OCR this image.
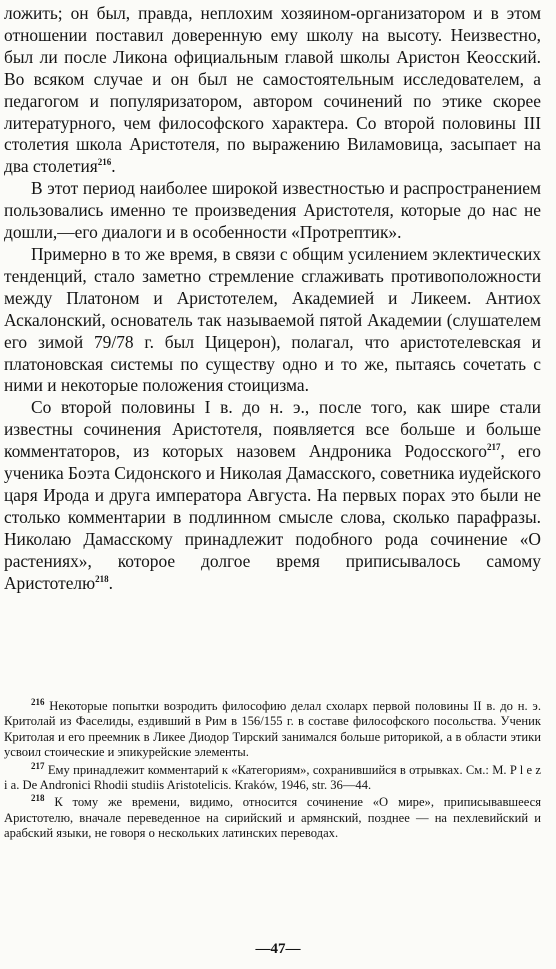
ложить; он был, правда, неплохим хозяином-организатором и в этом отношении поставил доверенную ему школу на высоту. Неизвестно, был ли после Ликона официальным главой школы Аристон Кеосский. Во всяком случае и он был не самостоятельным исследователем, а педагогом и популяризатором, автором сочинений по этике скорее литературного, чем философского характера. Со второй половины III столетия школа Аристотеля, по выражению Виламовица, засыпает на два столетия$^{216}$.

В этот период наиболее широкой известностью и распространением пользовались именно те произведения Аристотеля, которые до нас не дошли,—его диалоги и в особенности «Протрептик».

Примерно в то же время, в связи с общим усилением эклектических тенденций, стало заметно стремление сглаживать противоположности между Платоном и Аристотелем, Академией и Ликеем. Антиох Аскалонский, основатель так называемой пятой Академии (слушателем его зимой 79/78 г. был Цицерон), полагал, что аристотелевская и платоновская системы по существу одно и то же, пытаясь сочетать с ними и некоторые положения стоицизма.

Со второй половины I в. до н. э., после того, как шире стали известны сочинения Аристотеля, появляется все больше и больше комментаторов, из которых назовем Андроника Родосского$^{217}$, его ученика Боэта Сидонского и Николая Дамасского, советника иудейского царя Ирода и друга императора Августа. На первых порах это были не столько комментарии в подлинном смысле слова, сколько парафразы. Николаю Дамасскому принадлежит подобного рода сочинение «О растениях», которое долгое время приписывалось самому Аристотелю$^{218}$.

$^{216}$ Некоторые попытки возродить философию делал схоларх первой половины II в. до н. э. Критолай из Фаселиды, ездивший в Рим в 156/155 г. в составе философского посольства. Ученик Критолая и его преемник в Ликее Диодор Тирский занимался больше риторикой, а в области этики усвоил стоические и эпикурейские элементы.

$^{217}$ Ему принадлежит комментарий к «Категориям», сохранившийся в отрывках. См.: M. P l e z i a. De Andronici Rhodii studiis Aristotelicis. Kraków, 1946, str. 36—44.

$^{218}$ К тому же времени, видимо, относится сочинение «О мире», приписывавшееся Аристотелю, вначале переведенное на сирийский и армянский, позднее — на пехлевийский и арабский языки, не говоря о нескольких латинских переводах.

—47—
